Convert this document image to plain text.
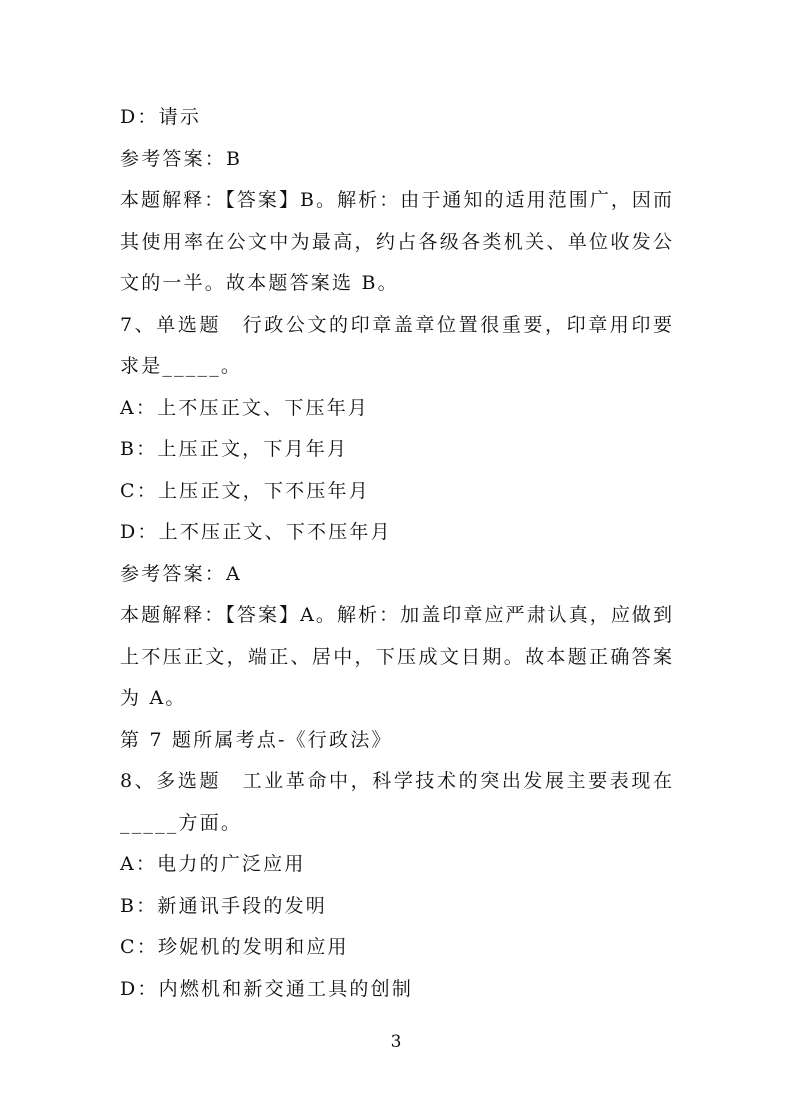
D：请示
参考答案：B
本题解释：【答案】B。解析：由于通知的适用范围广，因而
其使用率在公文中为最高，约占各级各类机关、单位收发公
文的一半。故本题答案选 B。
7、单选题　行政公文的印章盖章位置很重要，印章用印要
求是_____。
A：上不压正文、下压年月
B：上压正文，下月年月
C：上压正文，下不压年月
D：上不压正文、下不压年月
参考答案：A
本题解释：【答案】A。解析：加盖印章应严肃认真，应做到
上不压正文，端正、居中，下压成文日期。故本题正确答案
为 A。
第 7 题所属考点-《行政法》
8、多选题　工业革命中，科学技术的突出发展主要表现在
_____方面。
A：电力的广泛应用
B：新通讯手段的发明
C：珍妮机的发明和应用
D：内燃机和新交通工具的创制
3
